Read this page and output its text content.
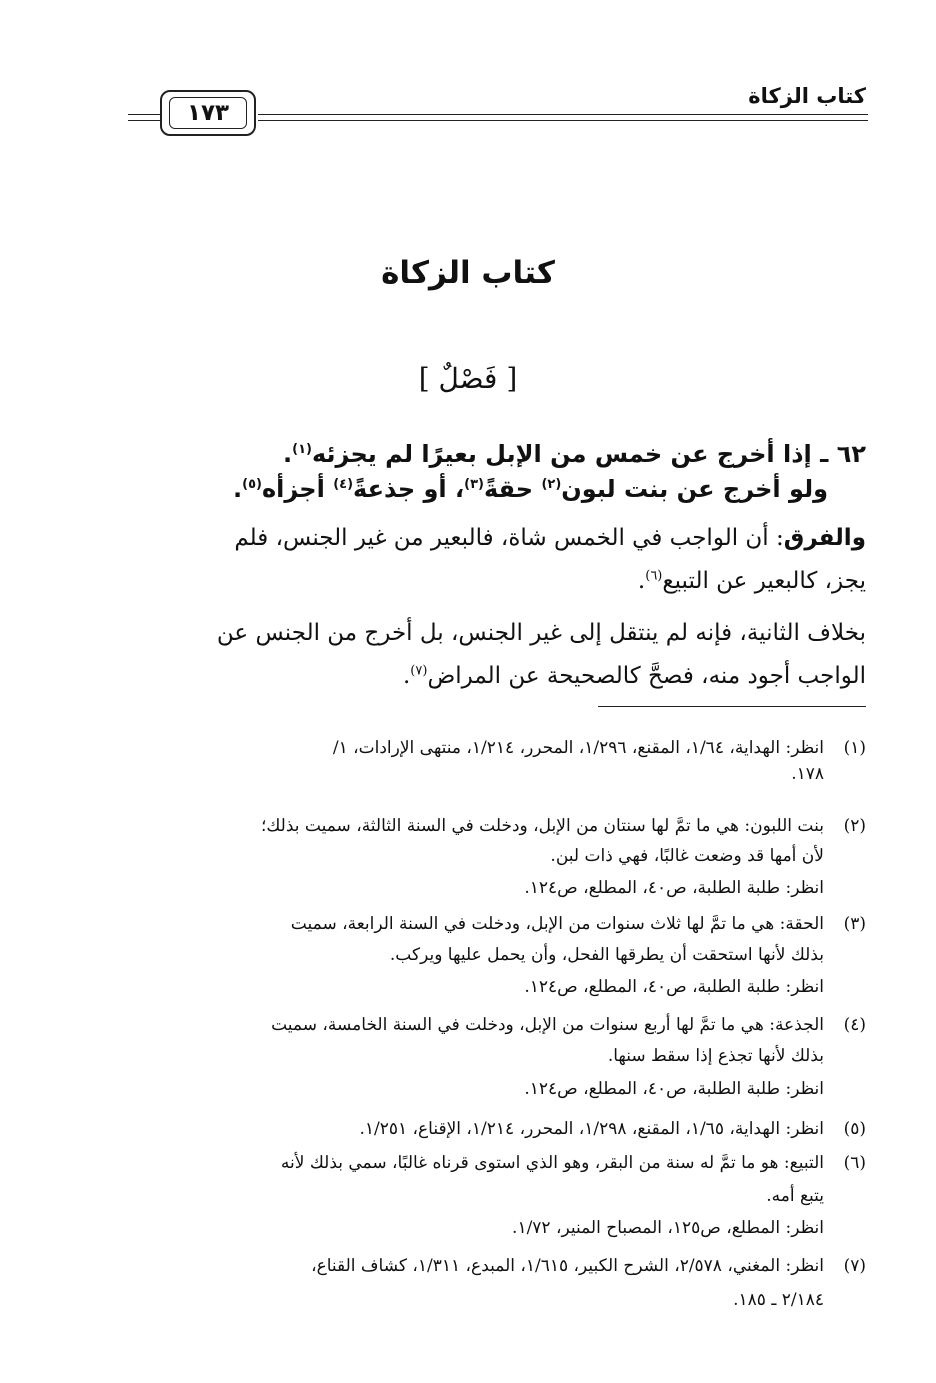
كتاب الزكاة
١٧٣
كتاب الزكاة
[ فَصْلٌ ]
٦٢ ـ إذا أخرج عن خمس من الإبل بعيرًا لم يجزئه$^{(١)}$.
ولو أخرج عن بنت لبون$^{(٢)}$ حقةً$^{(٣)}$، أو جذعةً$^{(٤)}$ أجزأه$^{(٥)}$.
والفرق: أن الواجب في الخمس شاة، فالبعير من غير الجنس، فلم
يجز، كالبعير عن التبيع$^{(٦)}$.
بخلاف الثانية، فإنه لم ينتقل إلى غير الجنس، بل أخرج من الجنس عن
الواجب أجود منه، فصحَّ كالصحيحة عن المراض$^{(٧)}$.
(١)انظر: الهداية، ١/٦٤، المقنع، ١/٢٩٦، المحرر، ١/٢١٤، منتهى الإرادات، ١/
١٧٨.
(٢)بنت اللبون: هي ما تمَّ لها سنتان من الإبل، ودخلت في السنة الثالثة، سميت بذلك؛
لأن أمها قد وضعت غالبًا، فهي ذات لبن.
انظر: طلبة الطلبة، ص٤٠، المطلع، ص١٢٤.
(٣)الحقة: هي ما تمَّ لها ثلاث سنوات من الإبل، ودخلت في السنة الرابعة، سميت
بذلك لأنها استحقت أن يطرقها الفحل، وأن يحمل عليها ويركب.
انظر: طلبة الطلبة، ص٤٠، المطلع، ص١٢٤.
(٤)الجذعة: هي ما تمَّ لها أربع سنوات من الإبل، ودخلت في السنة الخامسة، سميت
بذلك لأنها تجذع إذا سقط سنها.
انظر: طلبة الطلبة، ص٤٠، المطلع، ص١٢٤.
(٥)انظر: الهداية، ١/٦٥، المقنع، ١/٢٩٨، المحرر، ١/٢١٤، الإقناع، ١/٢٥١.
(٦)التبيع: هو ما تمَّ له سنة من البقر، وهو الذي استوى قرناه غالبًا، سمي بذلك لأنه
يتبع أمه.
انظر: المطلع، ص١٢٥، المصباح المنير، ١/٧٢.
(٧)انظر: المغني، ٢/٥٧٨، الشرح الكبير، ١/٦١٥، المبدع، ١/٣١١، كشاف القناع،
٢/١٨٤ ـ ١٨٥.
